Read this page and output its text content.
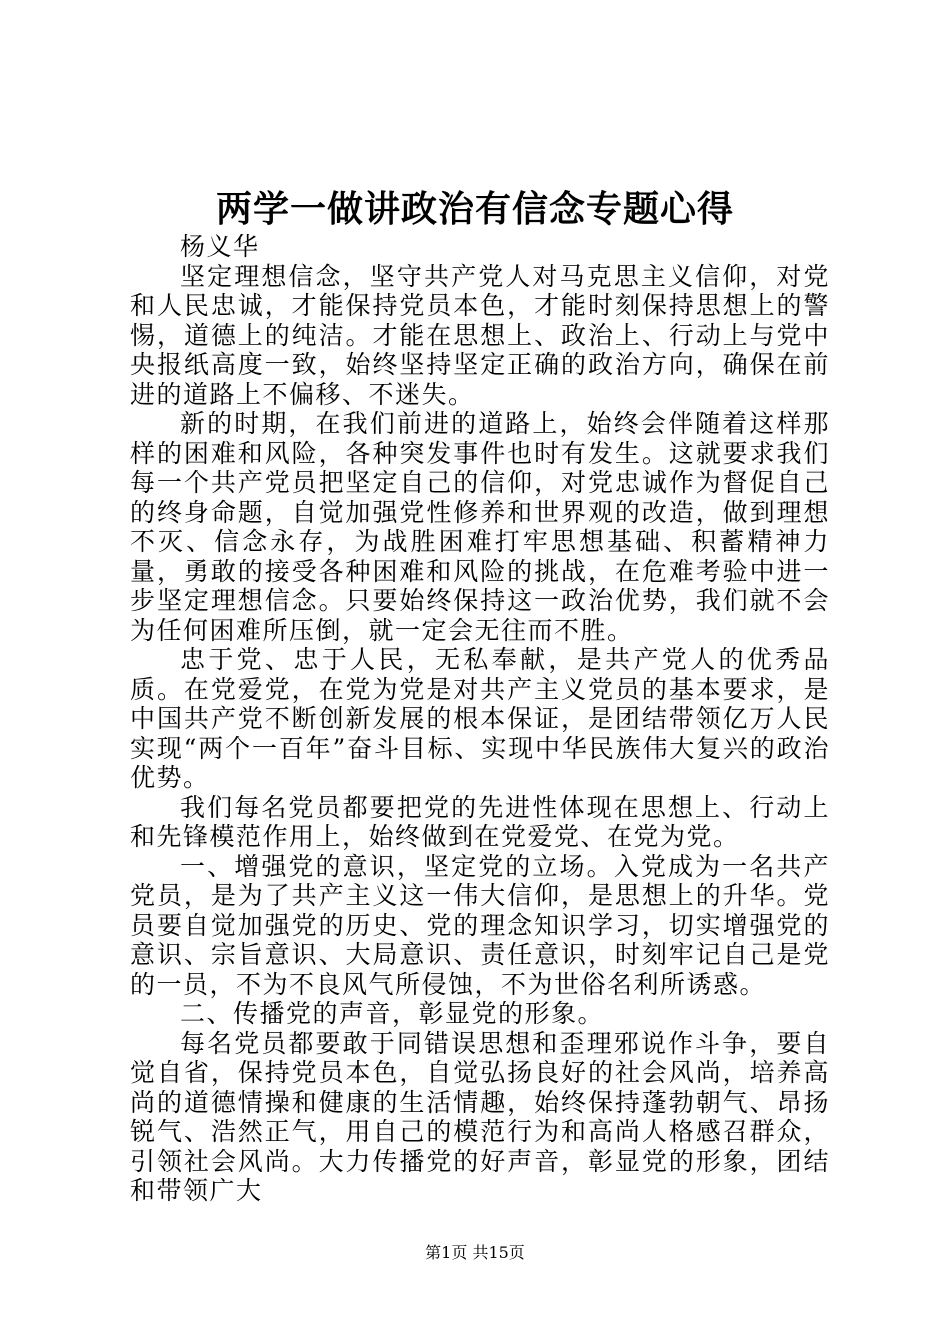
两学一做讲政治有信念专题心得

杨义华

坚定理想信念，坚守共产党人对马克思主义信仰，对党和人民忠诚，才能保持党员本色，才能时刻保持思想上的警惕，道德上的纯洁。才能在思想上、政治上、行动上与党中央报纸高度一致，始终坚持坚定正确的政治方向，确保在前进的道路上不偏移、不迷失。

新的时期，在我们前进的道路上，始终会伴随着这样那样的困难和风险，各种突发事件也时有发生。这就要求我们每一个共产党员把坚定自己的信仰，对党忠诚作为督促自己的终身命题，自觉加强党性修养和世界观的改造，做到理想不灭、信念永存，为战胜困难打牢思想基础、积蓄精神力量，勇敢的接受各种困难和风险的挑战，在危难考验中进一步坚定理想信念。只要始终保持这一政治优势，我们就不会为任何困难所压倒，就一定会无往而不胜。

忠于党、忠于人民，无私奉献，是共产党人的优秀品质。在党爱党，在党为党是对共产主义党员的基本要求，是中国共产党不断创新发展的根本保证，是团结带领亿万人民实现“两个一百年”奋斗目标、实现中华民族伟大复兴的政治优势。

我们每名党员都要把党的先进性体现在思想上、行动上和先锋模范作用上，始终做到在党爱党、在党为党。

一、增强党的意识，坚定党的立场。入党成为一名共产党员，是为了共产主义这一伟大信仰，是思想上的升华。党员要自觉加强党的历史、党的理念知识学习，切实增强党的意识、宗旨意识、大局意识、责任意识，时刻牢记自己是党的一员，不为不良风气所侵蚀，不为世俗名利所诱惑。

二、传播党的声音，彰显党的形象。

每名党员都要敢于同错误思想和歪理邪说作斗争，要自觉自省，保持党员本色，自觉弘扬良好的社会风尚，培养高尚的道德情操和健康的生活情趣，始终保持蓬勃朝气、昂扬锐气、浩然正气，用自己的模范行为和高尚人格感召群众，引领社会风尚。大力传播党的好声音，彰显党的形象，团结和带领广大

第1页 共15页
